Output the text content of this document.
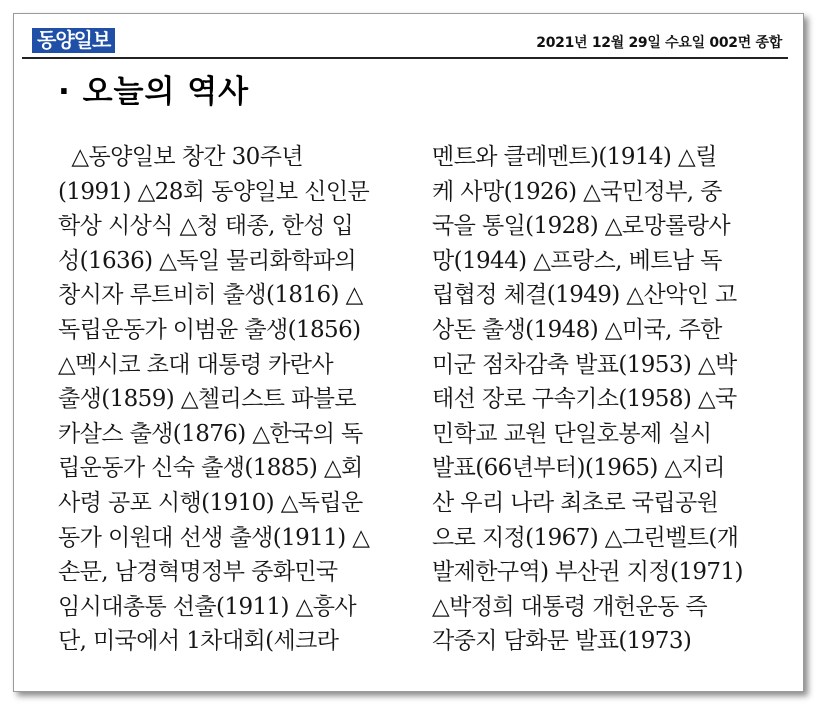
동양일보	2021년 12월 29일 수요일 002면 종합
· 오늘의 역사
△동양일보 창간 30주년
(1991) △28회 동양일보 신인문
학상 시상식 △청 태종, 한성 입
성(1636) △독일 물리화학파의
창시자 루트비히 출생(1816) △
독립운동가 이범윤 출생(1856)
△멕시코 초대 대통령 카란사
출생(1859) △첼리스트 파블로
카살스 출생(1876) △한국의 독
립운동가 신숙 출생(1885) △회
사령 공포 시행(1910) △독립운
동가 이원대 선생 출생(1911) △
손문, 남경혁명정부 중화민국
임시대총통 선출(1911) △흥사
단, 미국에서 1차대회(세크라
멘트와 클레멘트)(1914) △릴
케 사망(1926) △국민정부, 중
국을 통일(1928) △로망롤랑사
망(1944) △프랑스, 베트남 독
립협정 체결(1949) △산악인 고
상돈 출생(1948) △미국, 주한
미군 점차감축 발표(1953) △박
태선 장로 구속기소(1958) △국
민학교 교원 단일호봉제 실시
발표(66년부터)(1965) △지리
산 우리 나라 최초로 국립공원
으로 지정(1967) △그린벨트(개
발제한구역) 부산권 지정(1971)
△박정희 대통령 개헌운동 즉
각중지 담화문 발표(1973)
